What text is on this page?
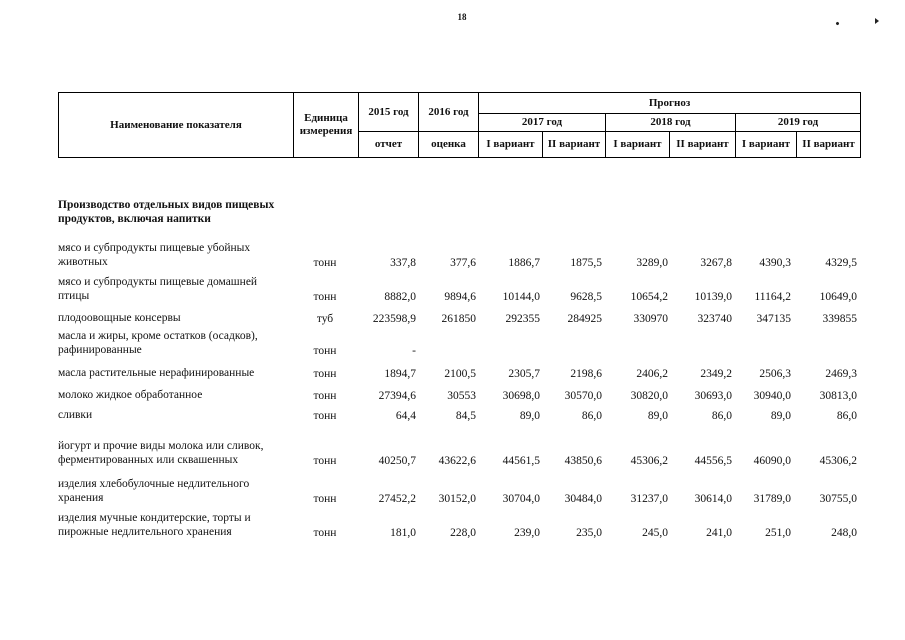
18
Наименование показателя	Единица измерения	2015 год	2016 год	Прогноз					
				2017 год		2018 год		2019 год	
		отчет	оценка	I вариант	II вариант	I вариант	II вариант	I вариант	II вариант
Производство отдельных видов пищевых
продуктов, включая напитки
мясо и субпродукты пищевые убойных
животных	тонн	337,8	377,6	1886,7	1875,5	3289,0	3267,8	4390,3	4329,5
мясо и субпродукты пищевые домашней
птицы	тонн	8882,0	9894,6	10144,0	9628,5	10654,2	10139,0	11164,2	10649,0
плодоовощные консервы	туб	223598,9	261850	292355	284925	330970	323740	347135	339855
масла и жиры, кроме остатков (осадков),
рафинированные	тонн	-
масла растительные нерафинированные	тонн	1894,7	2100,5	2305,7	2198,6	2406,2	2349,2	2506,3	2469,3
молоко жидкое обработанное	тонн	27394,6	30553	30698,0	30570,0	30820,0	30693,0	30940,0	30813,0
сливки	тонн	64,4	84,5	89,0	86,0	89,0	86,0	89,0	86,0
йогурт и прочие виды молока или сливок,
ферментированных или сквашенных	тонн	40250,7	43622,6	44561,5	43850,6	45306,2	44556,5	46090,0	45306,2
изделия хлебобулочные недлительного
хранения	тонн	27452,2	30152,0	30704,0	30484,0	31237,0	30614,0	31789,0	30755,0
изделия мучные кондитерские, торты и
пирожные недлительного хранения	тонн	181,0	228,0	239,0	235,0	245,0	241,0	251,0	248,0
